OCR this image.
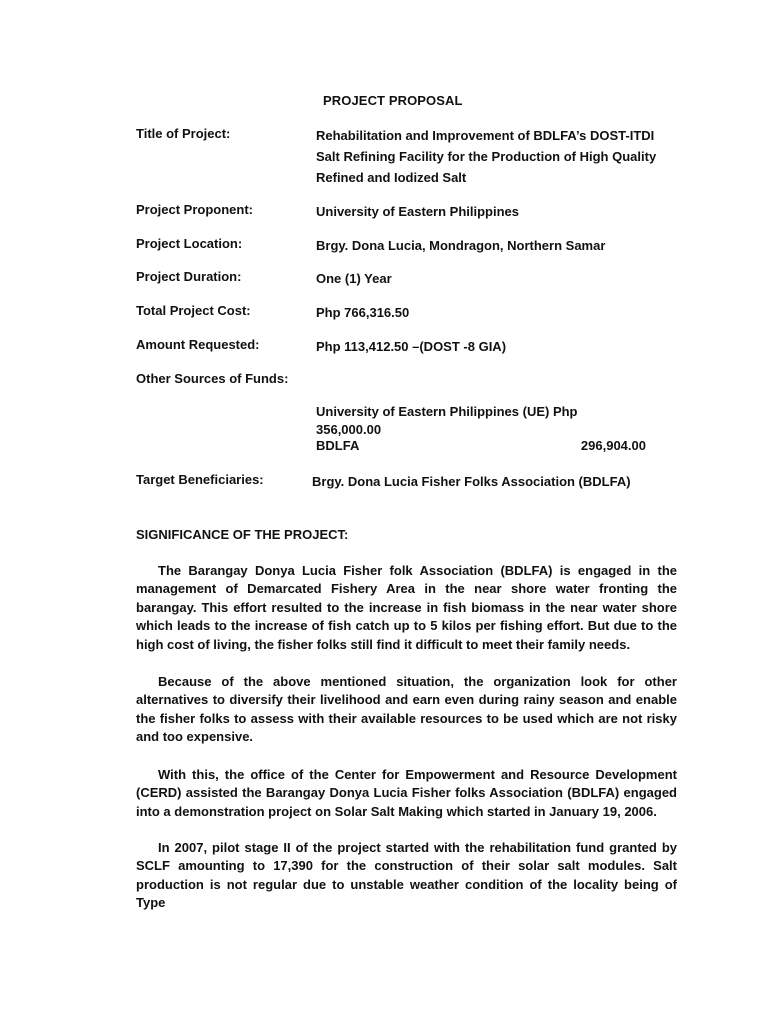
PROJECT PROPOSAL
Title of Project:	Rehabilitation and Improvement of BDLFA’s DOST-ITDI Salt Refining Facility for the Production of High Quality Refined and Iodized Salt
Project Proponent:	University of Eastern Philippines
Project Location:	Brgy. Dona Lucia, Mondragon, Northern Samar
Project Duration:	One (1) Year
Total Project Cost:	Php 766,316.50
Amount Requested:	Php 113,412.50 –(DOST -8 GIA)
Other Sources of Funds:
University of Eastern Philippines (UE) Php 356,000.00
BDLFA	296,904.00
Target Beneficiaries:	Brgy. Dona Lucia Fisher Folks Association (BDLFA)
SIGNIFICANCE OF THE PROJECT:

The Barangay Donya Lucia Fisher folk Association (BDLFA) is engaged in the management of Demarcated Fishery Area in the near shore water fronting the barangay. This effort resulted to the increase in fish biomass in the near water shore which leads to the increase of fish catch up to 5 kilos per fishing effort. But due to the high cost of living, the fisher folks still find it difficult to meet their family needs.

Because of the above mentioned situation, the organization look for other alternatives to diversify their livelihood and earn even during rainy season and enable the fisher folks to assess with their available resources to be used which are not risky and too expensive.

With this, the office of the Center for Empowerment and Resource Development (CERD) assisted the Barangay Donya Lucia Fisher folks Association (BDLFA) engaged into a demonstration project on Solar Salt Making which started in January 19, 2006.

In 2007, pilot stage II of the project started with the rehabilitation fund granted by SCLF amounting to 17,390 for the construction of their solar salt modules. Salt production is not regular due to unstable weather condition of the locality being of Type
